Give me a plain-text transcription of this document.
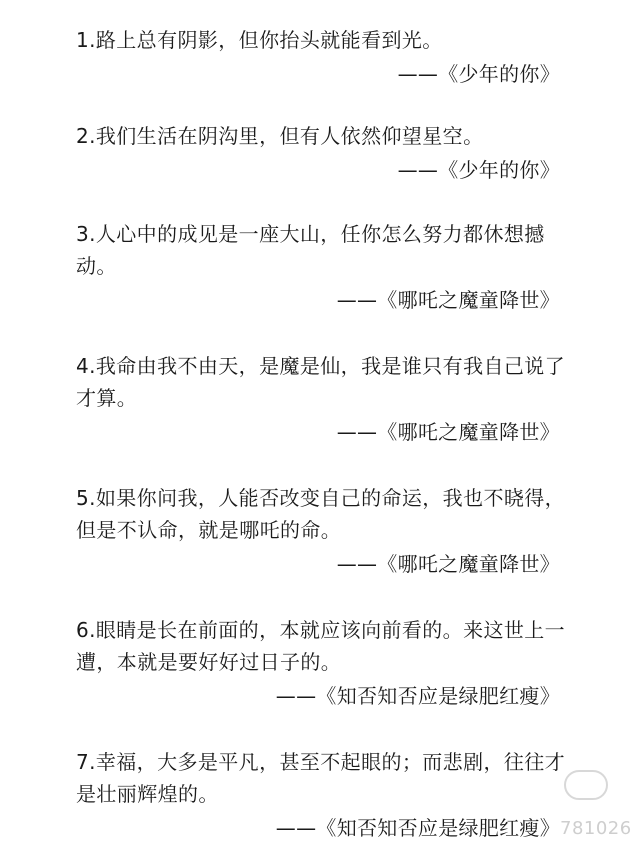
1.路上总有阴影，但你抬头就能看到光。

——《少年的你》

2.我们生活在阴沟里，但有人依然仰望星空。

——《少年的你》

3.人心中的成见是一座大山，任你怎么努力都休想撼动。

——《哪吒之魔童降世》

4.我命由我不由天，是魔是仙，我是谁只有我自己说了才算。

——《哪吒之魔童降世》

5.如果你问我，人能否改变自己的命运，我也不晓得，但是不认命，就是哪吒的命。

——《哪吒之魔童降世》

6.眼睛是长在前面的，本就应该向前看的。来这世上一遭，本就是要好好过日子的。

——《知否知否应是绿肥红瘦》

7.幸福，大多是平凡，甚至不起眼的；而悲剧，往往才是壮丽辉煌的。

——《知否知否应是绿肥红瘦》 781026
